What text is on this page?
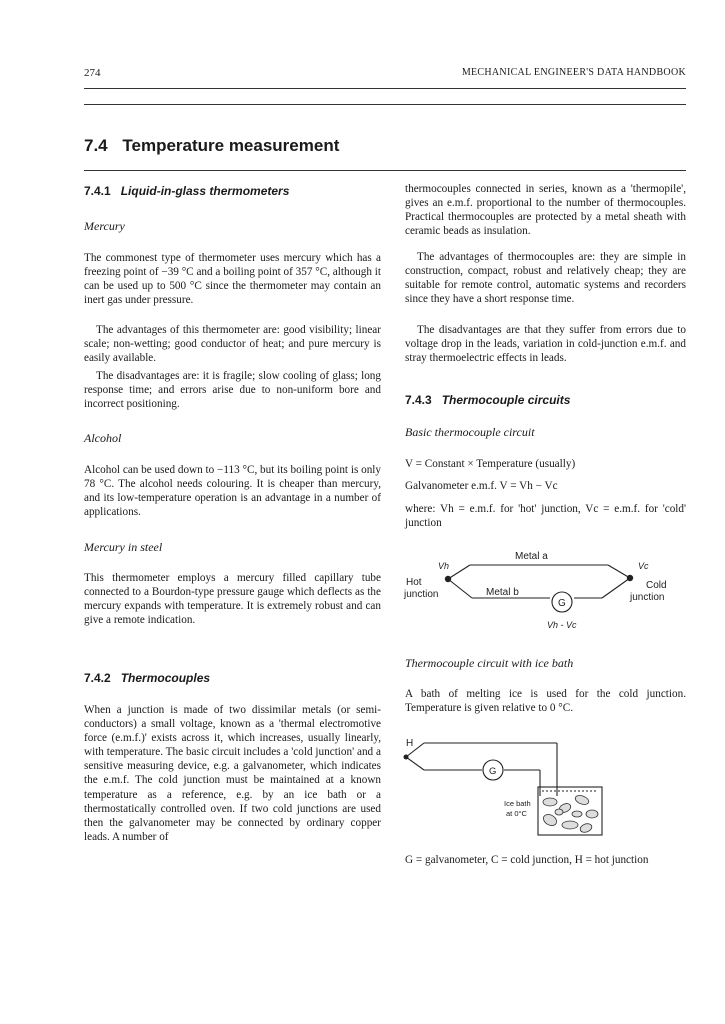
274	MECHANICAL ENGINEER'S DATA HANDBOOK
7.4 Temperature measurement
7.4.1 Liquid-in-glass thermometers
Mercury
The commonest type of thermometer uses mercury which has a freezing point of −39 °C and a boiling point of 357 °C, although it can be used up to 500 °C since the thermometer may contain an inert gas under pressure.
The advantages of this thermometer are: good visibility; linear scale; non-wetting; good conductor of heat; and pure mercury is easily available.
The disadvantages are: it is fragile; slow cooling of glass; long response time; and errors arise due to non-uniform bore and incorrect positioning.
Alcohol
Alcohol can be used down to −113 °C, but its boiling point is only 78 °C. The alcohol needs colouring. It is cheaper than mercury, and its low-temperature operation is an advantage in a number of applications.
Mercury in steel
This thermometer employs a mercury filled capillary tube connected to a Bourdon-type pressure gauge which deflects as the mercury expands with temperature. It is extremely robust and can give a remote indication.
7.4.2 Thermocouples
When a junction is made of two dissimilar metals (or semi-conductors) a small voltage, known as a 'thermal electromotive force (e.m.f.)' exists across it, which increases, usually linearly, with temperature. The basic circuit includes a 'cold junction' and a sensitive measuring device, e.g. a galvanometer, which indicates the e.m.f. The cold junction must be maintained at a known temperature as a reference, e.g. by an ice bath or a thermostatically controlled oven. If two cold junctions are used then the galvanometer may be connected by ordinary copper leads. A number of
thermocouples connected in series, known as a 'thermopile', gives an e.m.f. proportional to the number of thermocouples. Practical thermocouples are protected by a metal sheath with ceramic beads as insulation.
The advantages of thermocouples are: they are simple in construction, compact, robust and relatively cheap; they are suitable for remote control, automatic systems and recorders since they have a short response time.
The disadvantages are that they suffer from errors due to voltage drop in the leads, variation in cold-junction e.m.f. and stray thermoelectric effects in leads.
7.4.3 Thermocouple circuits
Basic thermocouple circuit
V = Constant × Temperature (usually)
Galvanometer e.m.f. V = Vh − Vc
where: Vh = e.m.f. for 'hot' junction, Vc = e.m.f. for 'cold' junction
Metal a
Metal b
Vh	Vc
Hot
junction
Cold
junction
G
Vh - Vc
Thermocouple circuit with ice bath
A bath of melting ice is used for the cold junction. Temperature is given relative to 0 °C.
H
G
Ice bath
at 0°C
G = galvanometer, C = cold junction, H = hot junction
